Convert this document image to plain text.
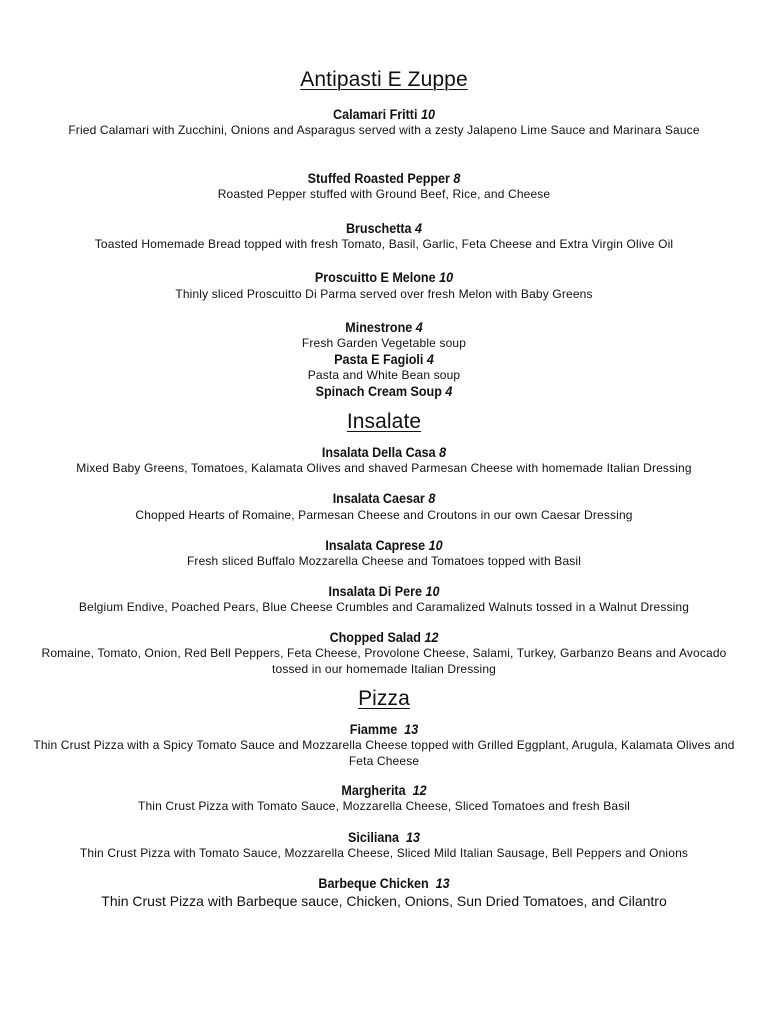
Antipasti E Zuppe
Calamari Fritti 10
Fried Calamari with Zucchini, Onions and Asparagus served with a zesty Jalapeno Lime Sauce and Marinara Sauce
Stuffed Roasted Pepper 8
Roasted Pepper stuffed with Ground Beef, Rice, and Cheese
Bruschetta 4
Toasted Homemade Bread topped with fresh Tomato, Basil, Garlic, Feta Cheese and Extra Virgin Olive Oil
Proscuitto E Melone 10
Thinly sliced Proscuitto Di Parma served over fresh Melon with Baby Greens
Minestrone 4
Fresh Garden Vegetable soup
Pasta E Fagioli 4
Pasta and White Bean soup
Spinach Cream Soup 4
Insalate
Insalata Della Casa 8
Mixed Baby Greens, Tomatoes, Kalamata Olives and shaved Parmesan Cheese with homemade Italian Dressing
Insalata Caesar 8
Chopped Hearts of Romaine, Parmesan Cheese and Croutons in our own Caesar Dressing
Insalata Caprese 10
Fresh sliced Buffalo Mozzarella Cheese and Tomatoes topped with Basil
Insalata Di Pere 10
Belgium Endive, Poached Pears, Blue Cheese Crumbles and Caramalized Walnuts tossed in a Walnut Dressing
Chopped Salad 12
Romaine, Tomato, Onion, Red Bell Peppers, Feta Cheese, Provolone Cheese, Salami, Turkey, Garbanzo Beans and Avocado tossed in our homemade Italian Dressing
Pizza
Fiamme 13
Thin Crust Pizza with a Spicy Tomato Sauce and Mozzarella Cheese topped with Grilled Eggplant, Arugula, Kalamata Olives and Feta Cheese
Margherita 12
Thin Crust Pizza with Tomato Sauce, Mozzarella Cheese, Sliced Tomatoes and fresh Basil
Siciliana 13
Thin Crust Pizza with Tomato Sauce, Mozzarella Cheese, Sliced Mild Italian Sausage, Bell Peppers and Onions
Barbeque Chicken 13
Thin Crust Pizza with Barbeque sauce, Chicken, Onions, Sun Dried Tomatoes, and Cilantro
